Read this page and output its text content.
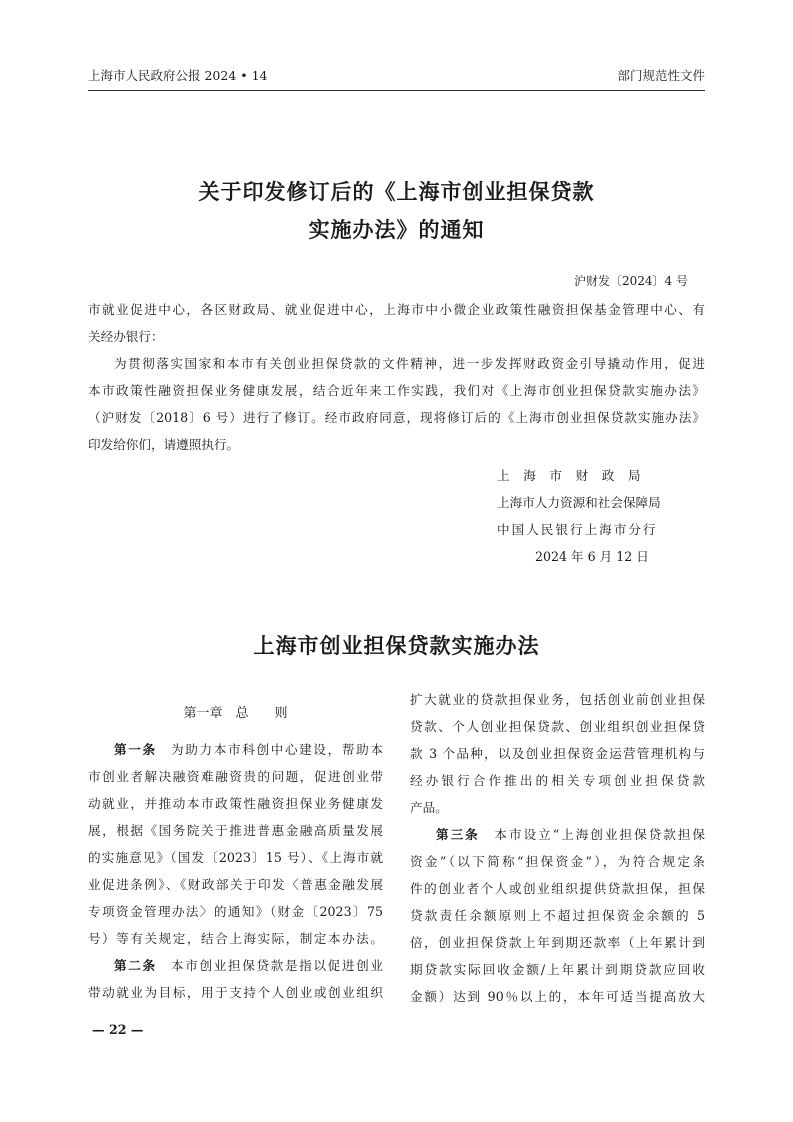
上海市人民政府公报 2024 • 14	部门规范性文件
关于印发修订后的《上海市创业担保贷款
实施办法》的通知
沪财发〔2024〕4 号
市就业促进中心，各区财政局、就业促进中心，上海市中小微企业政策性融资担保基金管理中心、有
关经办银行：
为贯彻落实国家和本市有关创业担保贷款的文件精神，进一步发挥财政资金引导撬动作用，促进
本市政策性融资担保业务健康发展，结合近年来工作实践，我们对《上海市创业担保贷款实施办法》
（沪财发〔2018〕6 号）进行了修订。经市政府同意，现将修订后的《上海市创业担保贷款实施办法》
印发给你们，请遵照执行。
上　海　市　财　政　局
上海市人力资源和社会保障局
中国人民银行上海市分行
2024 年 6 月 12 日
上海市创业担保贷款实施办法
第一章　总　　则
第一条　 为助力本市科创中心建设，帮助本
市创业者解决融资难融资贵的问题，促进创业带
动就业，并推动本市政策性融资担保业务健康发
展，根据《国务院关于推进普惠金融高质量发展
的实施意见》（国发〔2023〕15 号）、《上海市就
业促进条例》、《财政部关于印发〈普惠金融发展
专项资金管理办法〉的通知》（财金〔2023〕75
号）等有关规定，结合上海实际，制定本办法。
第二条　 本市创业担保贷款是指以促进创业
带动就业为目标，用于支持个人创业或创业组织
扩大就业的贷款担保业务，包括创业前创业担保
贷款、个人创业担保贷款、创业组织创业担保贷
款 3 个品种，以及创业担保资金运营管理机构与
经办银行合作推出的相关专项创业担保贷款
产品。
第三条　 本市设立“上海创业担保贷款担保
资金”（以下简称“担保资金”），为符合规定条
件的创业者个人或创业组织提供贷款担保，担保
贷款责任余额原则上不超过担保资金余额的 5
倍，创业担保贷款上年到期还款率（上年累计到
期贷款实际回收金额/上年累计到期贷款应回收
金额）达到 90％以上的，本年可适当提高放大
— 22 —
